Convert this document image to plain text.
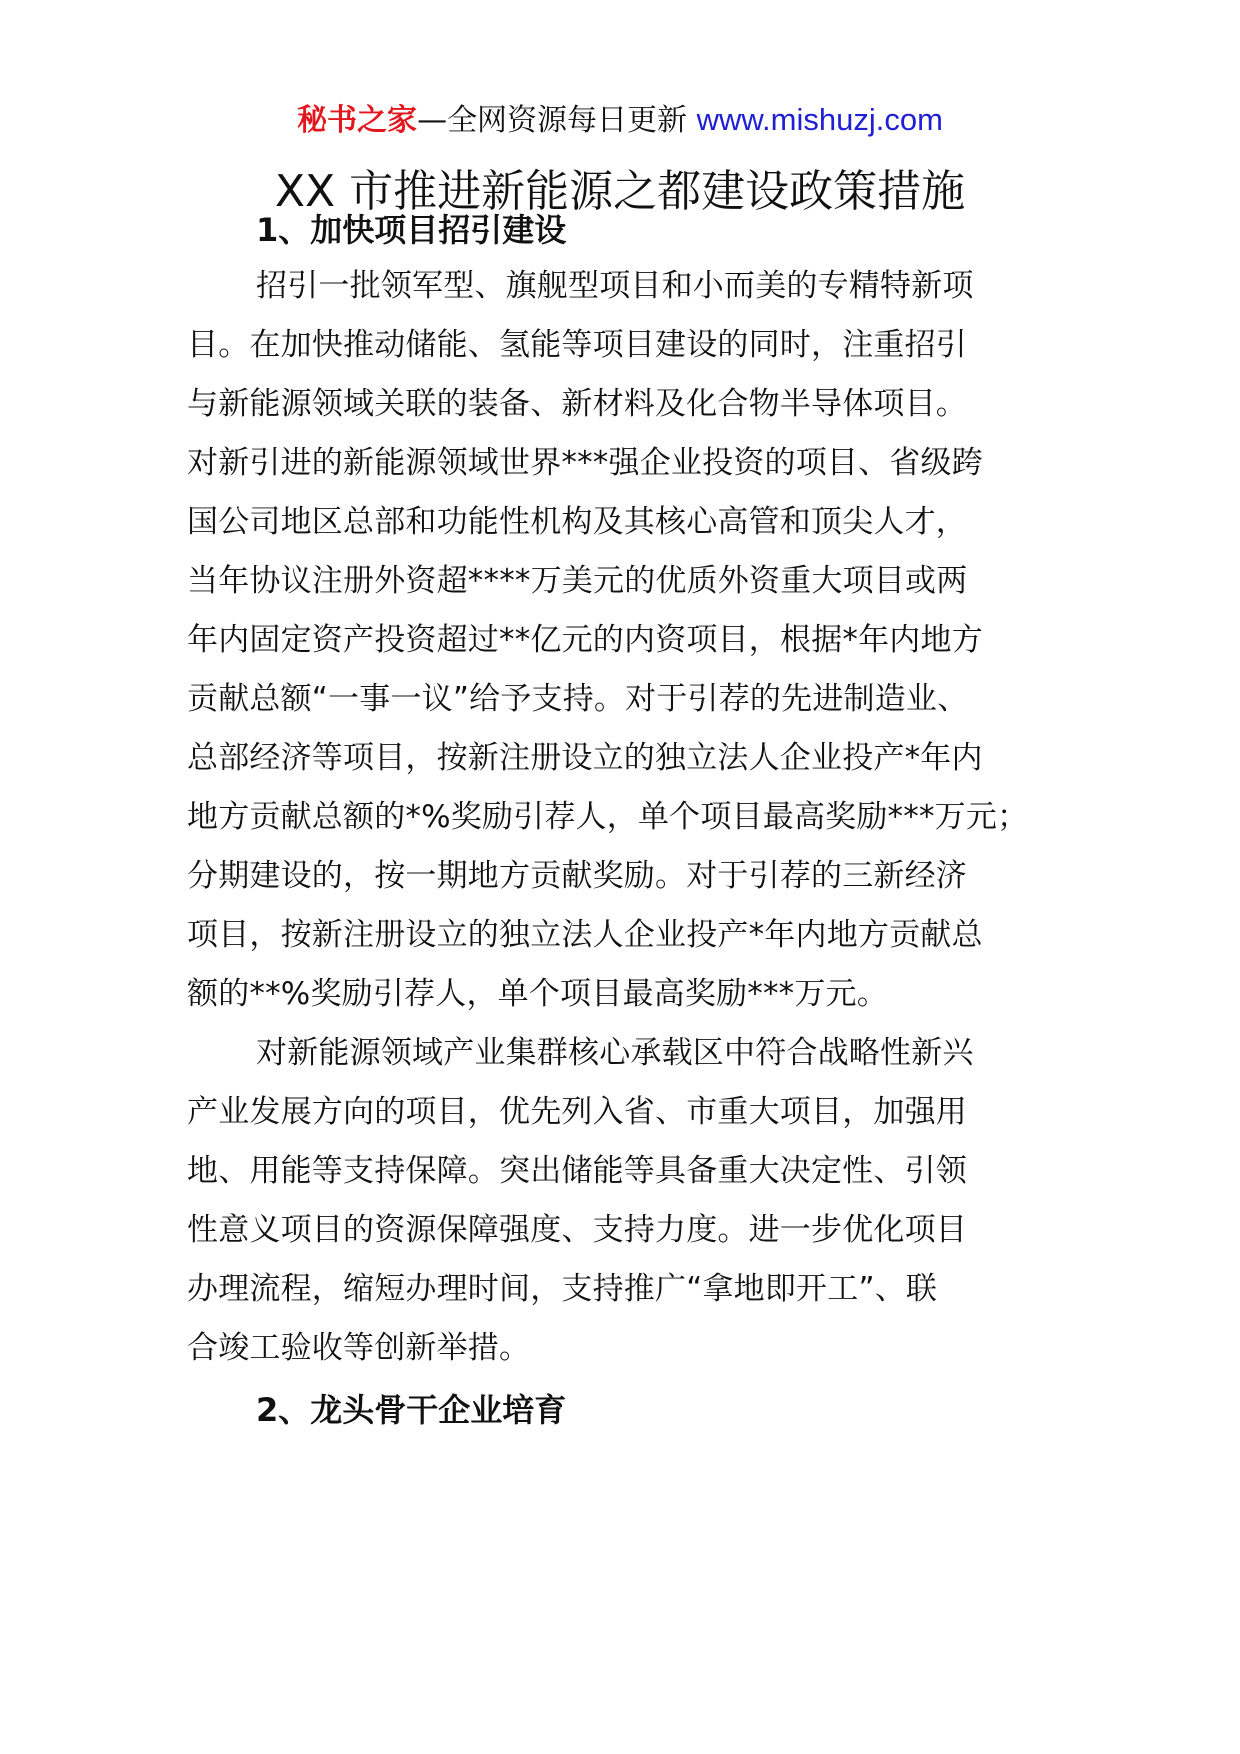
秘书之家—全网资源每日更新 www.mishuzj.com
XX 市推进新能源之都建设政策措施
1、加快项目招引建设
招引一批领军型、旗舰型项目和小而美的专精特新项
目。在加快推动储能、氢能等项目建设的同时，注重招引
与新能源领域关联的装备、新材料及化合物半导体项目。
对新引进的新能源领域世界***强企业投资的项目、省级跨
国公司地区总部和功能性机构及其核心高管和顶尖人才，
当年协议注册外资超****万美元的优质外资重大项目或两
年内固定资产投资超过**亿元的内资项目，根据*年内地方
贡献总额“一事一议”给予支持。对于引荐的先进制造业、
总部经济等项目，按新注册设立的独立法人企业投产*年内
地方贡献总额的*%奖励引荐人，单个项目最高奖励***万元；
分期建设的，按一期地方贡献奖励。对于引荐的三新经济
项目，按新注册设立的独立法人企业投产*年内地方贡献总
额的**%奖励引荐人，单个项目最高奖励***万元。
对新能源领域产业集群核心承载区中符合战略性新兴
产业发展方向的项目，优先列入省、市重大项目，加强用
地、用能等支持保障。突出储能等具备重大决定性、引领
性意义项目的资源保障强度、支持力度。进一步优化项目
办理流程，缩短办理时间，支持推广“拿地即开工”、联
合竣工验收等创新举措。
2、龙头骨干企业培育
